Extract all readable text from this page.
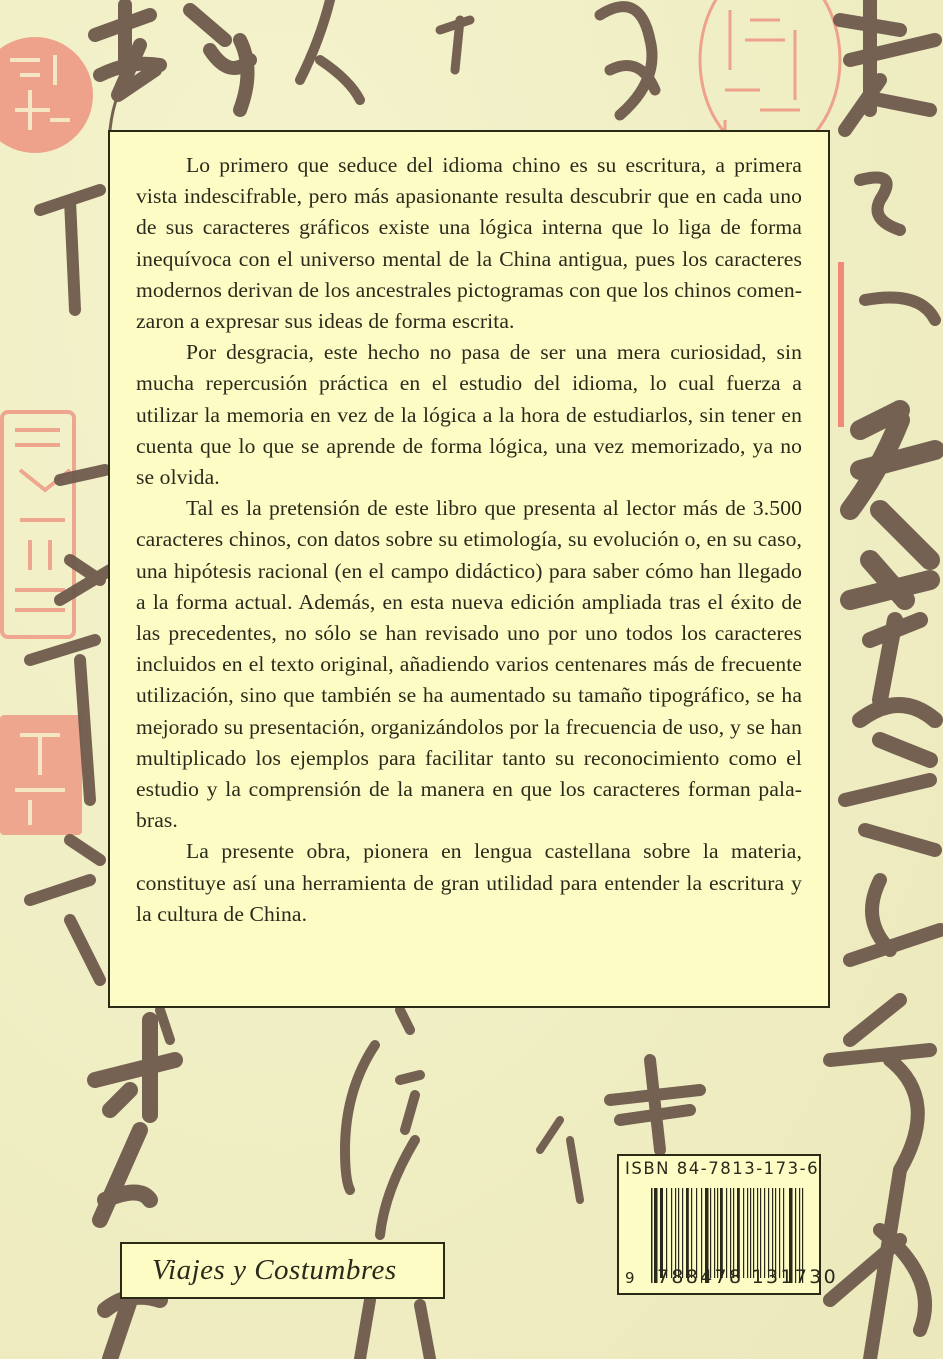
Lo primero que seduce del idioma chino es su escritura, a primera vista indescifrable, pero más apasionante resulta descubrir que en cada uno de sus caracteres gráficos existe una lógica interna que lo liga de forma inequívoca con el universo mental de la China antigua, pues los caracteres modernos derivan de los ancestrales pictogramas con que los chinos comenzaron a expresar sus ideas de forma escrita.

Por desgracia, este hecho no pasa de ser una mera curiosidad, sin mucha repercusión práctica en el estudio del idioma, lo cual fuerza a utilizar la memoria en vez de la lógica a la hora de estudiarlos, sin tener en cuenta que lo que se aprende de forma lógica, una vez memorizado, ya no se olvida.

Tal es la pretensión de este libro que presenta al lector más de 3.500 caracteres chinos, con datos sobre su etimología, su evolución o, en su caso, una hipótesis racional (en el campo didáctico) para saber cómo han llegado a la forma actual. Además, en esta nueva edición ampliada tras el éxito de las precedentes, no sólo se han revisado uno por uno todos los caracteres incluidos en el texto original, añadiendo varios centenares más de frecuente utilización, sino que también se ha aumentado su tamaño tipográfico, se ha mejorado su presentación, organizándolos por la frecuencia de uso, y se han multiplicado los ejemplos para facilitar tanto su reconocimiento como el estudio y la comprensión de la manera en que los caracteres forman palabras.

La presente obra, pionera en lengua castellana sobre la materia, constituye así una herramienta de gran utilidad para entender la escritura y la cultura de China.

ISBN 84-7813-173-6
9 788478 131730
Viajes y Costumbres
